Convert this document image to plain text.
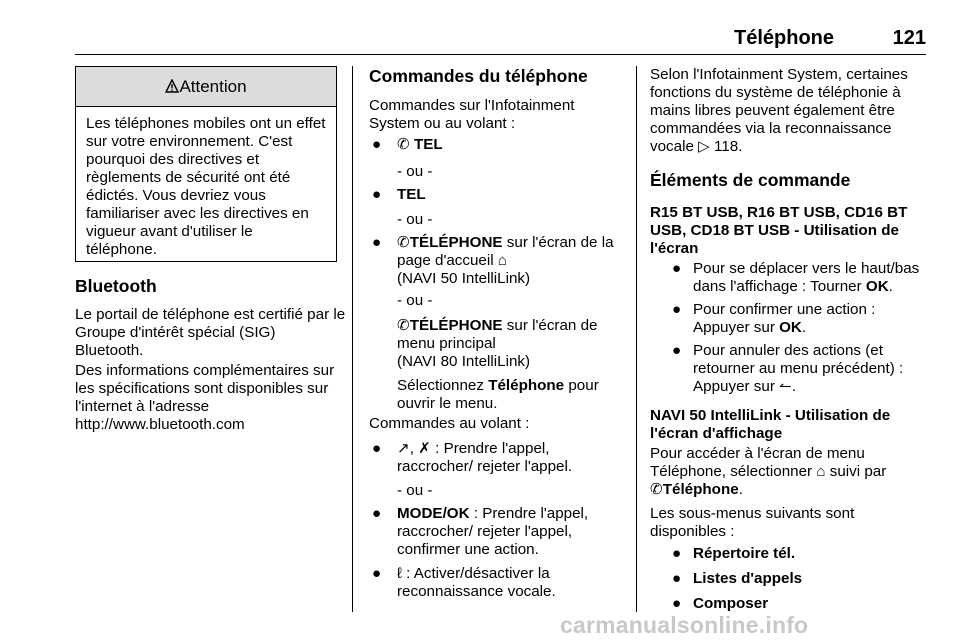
Téléphone	121
Attention
Les téléphones mobiles ont un effet sur votre environnement. C'est pourquoi des directives et règlements de sécurité ont été édictés. Vous devriez vous familiariser avec les directives en vigueur avant d'utiliser le téléphone.
Bluetooth
Le portail de téléphone est certifié par le Groupe d'intérêt spécial (SIG) Bluetooth.
Des informations complémentaires sur les spécifications sont disponibles sur l'internet à l'adresse http://www.bluetooth.com
Commandes du téléphone
Commandes sur l'Infotainment System ou au volant :
● ✆ TEL
- ou -
● TEL
- ou -
● ✆TÉLÉPHONE sur l'écran de la page d'accueil ⌂
(NAVI 50 IntelliLink)
- ou -
✆TÉLÉPHONE sur l'écran de menu principal
(NAVI 80 IntelliLink)
Sélectionnez Téléphone pour ouvrir le menu.
Commandes au volant :
● ↗, ✗ : Prendre l'appel, raccrocher/ rejeter l'appel.
- ou -
● MODE/OK : Prendre l'appel, raccrocher/ rejeter l'appel, confirmer une action.
● ℓ : Activer/désactiver la reconnaissance vocale.
Selon l'Infotainment System, certaines fonctions du système de téléphonie à mains libres peuvent également être commandées via la reconnaissance vocale ▷ 118.
Éléments de commande
R15 BT USB, R16 BT USB, CD16 BT USB, CD18 BT USB - Utilisation de l'écran
● Pour se déplacer vers le haut/bas dans l'affichage : Tourner OK.
● Pour confirmer une action : Appuyer sur OK.
● Pour annuler des actions (et retourner au menu précédent) : Appuyer sur ↼.
NAVI 50 IntelliLink - Utilisation de l'écran d'affichage
Pour accéder à l'écran de menu Téléphone, sélectionner ⌂ suivi par
✆Téléphone.
Les sous-menus suivants sont disponibles :
● Répertoire tél.
● Listes d'appels
● Composer
carmanualsonline.info
